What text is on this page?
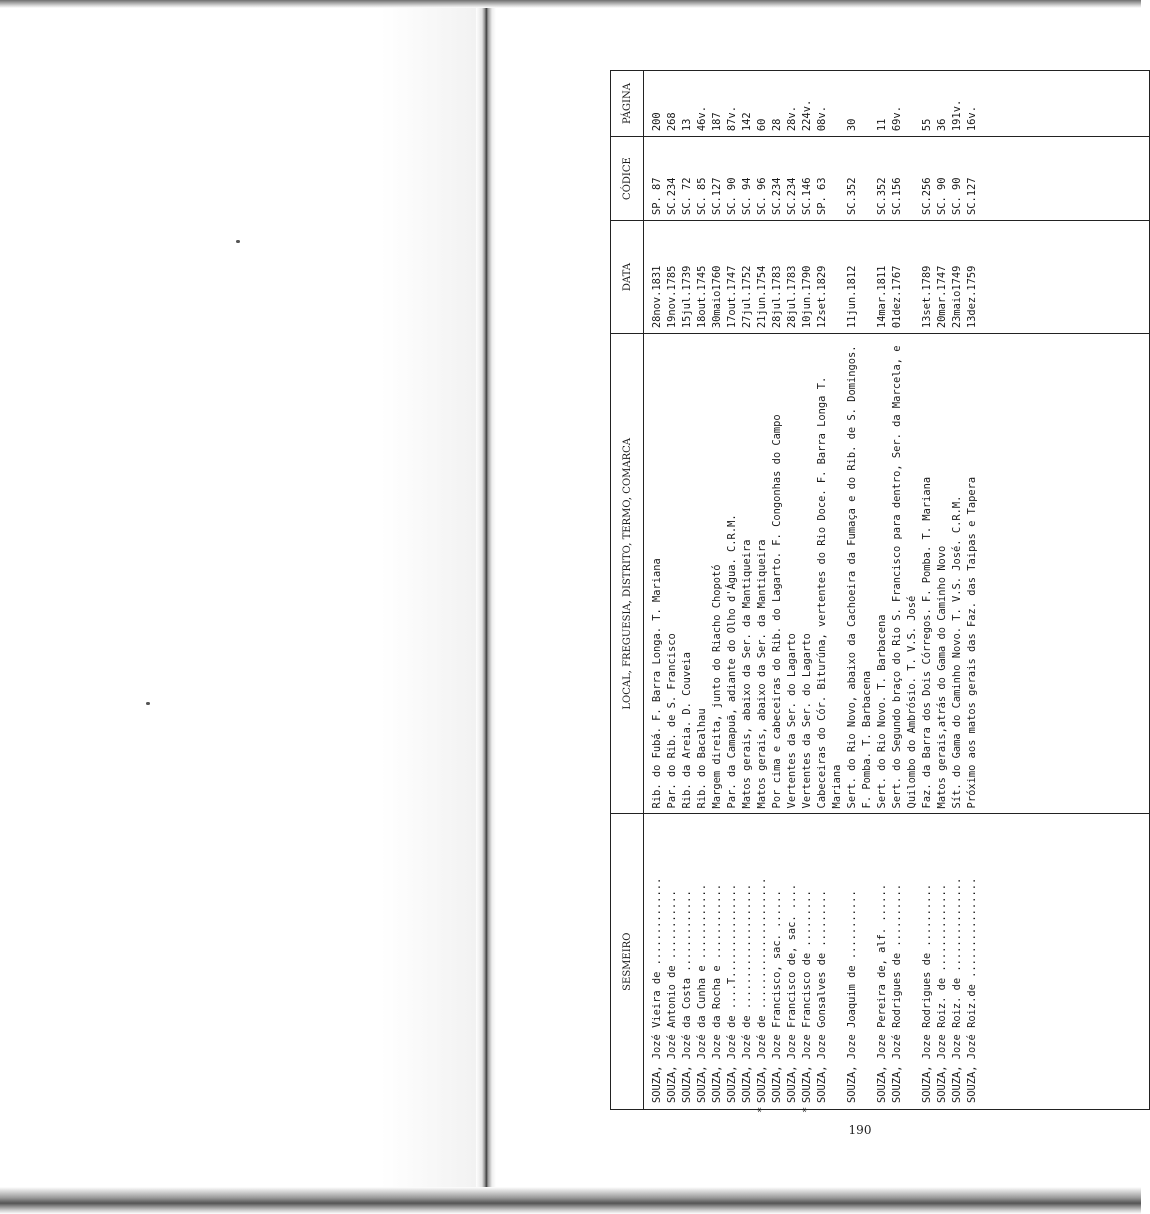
SESMEIRO	LOCAL, FREGUESIA, DISTRITO, TERMO, COMARCA	DATA	CÓDICE	PÁGINA
SOUZA, Jozé Vieira de ..............	Rib. do Fubá. F. Barra Longa. T. Mariana	28nov.1831	SP. 87	200
SOUZA, Jozé Antonio de ...........	Par. do Rib. de S. Francisco	19nov.1785	SC.234	268
SOUZA, Jozé da Costa .............	Rib. da Areia. D. Couveia	15jul.1739	SC. 72	13
SOUZA, Jozé da Cunha e ............	Rib. do Bacalhau	18out.1745	SC. 85	46v.
SOUZA, Joze da Rocha e ............	Margem direita, junto do Riacho Chopotó	30maio1760	SC.127	187
SOUZA, Jozé de ....T...............	Par. da Camapuã, adiante do Olho d'Água. C.R.M.	17out.1747	SC. 90	87v.
SOUZA, Jozé de ....................	Matos gerais, abaixo da Ser. da Mantiqueira	27jul.1752	SC. 94	142
*SOUZA, Jozé de .....................	Matos gerais, abaixo da Ser. da Mantiqueira	21jun.1754	SC. 96	60
SOUZA, Joze Francisco, sac. ......	Por cima e cabeceiras do Rib. do Lagarto. F. Congonhas do Campo	28jul.1783	SC.234	28
SOUZA, Joze Francisco de, sac. ....	Vertentes da Ser. do Lagarto	28jul.1783	SC.234	28v.
*SOUZA, Joze Francisco de .........	Vertentes da Ser. do Lagarto	10jun.1790	SC.146	224v.
SOUZA, Joze Gonsalves de .........	Cabeceiras do Cór. Biturúna, vertentes do Rio Doce. F. Barra Longa T. Mariana	12set.1829	SP. 63	08v.
SOUZA, Joze Joaquim de ...........	Sert. do Rio Novo, abaixo da Cachoeira da Fumaça e do Rib. de S. Domingos. F. Pomba. T. Barbacena	11jun.1812	SC.352	30
SOUZA, Joze Pereira de, alf. ......	Sert. do Rio Novo. T. Barbacena	14mar.1811	SC.352	11
SOUZA, Jozé Rodrigues de ..........	Sert. do Segundo braço do Rio S. Francisco para dentro, Ser. da Marcela, e Quilombo do Ambrósio. T. V.S. José	01dez.1767	SC.156	69v.
SOUZA, Joze Rodrigues de ..........	Faz. da Barra dos Dois Córregos. F. Pomba. T. Mariana	13set.1789	SC.256	55
SOUZA, Joze Roiz. de ..............	Matos gerais,atrás do Gama do Caminho Novo	20mar.1747	SC. 90	36
SOUZA, Joze Roiz. de ...............	Sít. do Gama do Caminho Novo. T. V.S. José. C.R.M.	23maio1749	SC. 90	191v.
SOUZA, Jozé Roiz.de ................	Próximo aos matos gerais das Faz. das Taipas e Tapera	13dez.1759	SC.127	16v.

190
